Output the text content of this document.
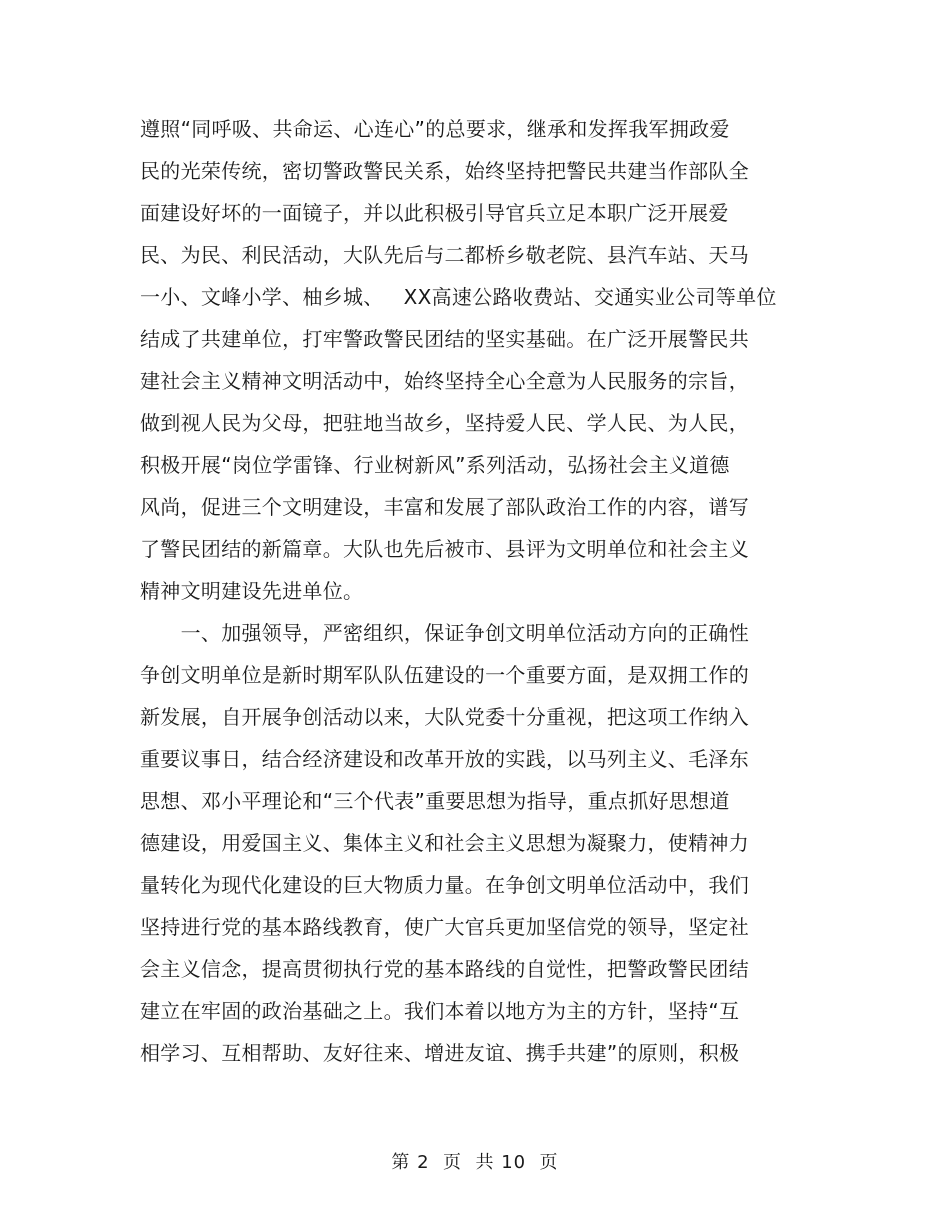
遵照“同呼吸、共命运、心连心”的总要求，继承和发挥我军拥政爱
民的光荣传统，密切警政警民关系，始终坚持把警民共建当作部队全
面建设好坏的一面镜子，并以此积极引导官兵立足本职广泛开展爱
民、为民、利民活动，大队先后与二都桥乡敬老院、县汽车站、天马
一小、文峰小学、柚乡城、   XX高速公路收费站、交通实业公司等单位
结成了共建单位，打牢警政警民团结的坚实基础。在广泛开展警民共
建社会主义精神文明活动中，始终坚持全心全意为人民服务的宗旨，
做到视人民为父母，把驻地当故乡，坚持爱人民、学人民、为人民，
积极开展“岗位学雷锋、行业树新风”系列活动，弘扬社会主义道德
风尚，促进三个文明建设，丰富和发展了部队政治工作的内容，谱写
了警民团结的新篇章。大队也先后被市、县评为文明单位和社会主义
精神文明建设先进单位。
　　一、加强领导，严密组织，保证争创文明单位活动方向的正确性
争创文明单位是新时期军队队伍建设的一个重要方面，是双拥工作的
新发展，自开展争创活动以来，大队党委十分重视，把这项工作纳入
重要议事日，结合经济建设和改革开放的实践，以马列主义、毛泽东
思想、邓小平理论和“三个代表”重要思想为指导，重点抓好思想道
德建设，用爱国主义、集体主义和社会主义思想为凝聚力，使精神力
量转化为现代化建设的巨大物质力量。在争创文明单位活动中，我们
坚持进行党的基本路线教育，使广大官兵更加坚信党的领导，坚定社
会主义信念，提高贯彻执行党的基本路线的自觉性，把警政警民团结
建立在牢固的政治基础之上。我们本着以地方为主的方针，坚持“互
相学习、互相帮助、友好往来、增进友谊、携手共建”的原则，积极
第 2  页  共 10  页
